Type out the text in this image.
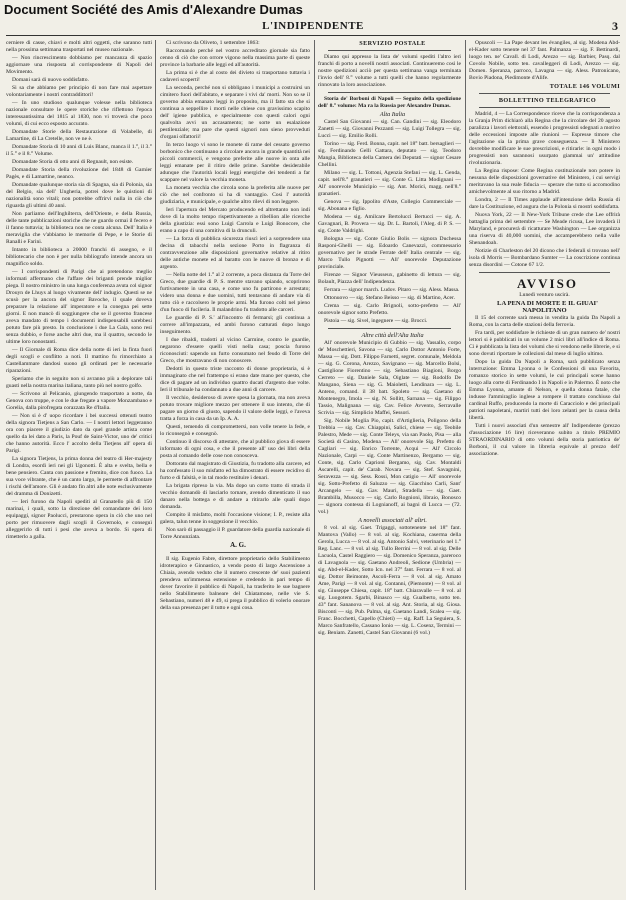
Document Société des Amis d'Alexandre Dumas
L'INDIPENDENTE	3

cerniere di casse, chiavi e molti altri oggetti, che saranno tutti nella prossima settimana trasportati nel museo nazionale.

— Non rincrescimento dobbiamo per mancanza di spazio aggiornare una rissposta al corrispondente di Napoli del Movimento.

Domani sarà di nuovo soddisfatto.

Si sa che abbiamo per principio di non fare mai aspettare volontariamente i nostri contraddittori!

— In uno studioso qualunque volesse nella biblioteca nazionale consultare le opere storiche che riflettono l'epoca interessantissima del 1815 al 1830, non vi troverà che poco volumi, di cui ecco esposto accurato.

Domandate Storie della Restaurazione di Volabelle, di Lamartine, di La Cretelle, non ve ne è.

Domandate Storia di 10 anni di Luis Blanc, manca il 1.°, il 3.° il 5.° e il 8.° Volume.

Domandate Storia di otto anni di Regnault, non esiste.

Domandate Storia della rivoluzione del 1848 di Garnier Pagès, e di Lamartine, neanco.

Domandate qualunque storia sia di Spagna, sia di Polonia, sia del Belgio, sia dell' Ungheria, potrei dove le quistioni di nazionalità sono vitali; non potrebbe offrirvi nulla in ciò che riguarda gli ultimi 40 anni.

Non parliamo dell'Inghilterra, dell'Oriente, e della Russia, delle tante pubblicazioni storiche che ne guardo ormai il fecero e il fanno tuttavia; la biblioteca non ne conta alcuna. Dell' Italia è meraviglia che v'abbiamo le memorie di Pepe, e le Storie di Ranalli e Farini.

Intanto in biblioteca a 20000 franchi di assegno, e il bibliotecario che non è per nulla bibliografo intende ancora un magnifico soldo.

— I corrispondenti di Parigi che ai pretendono meglio informati affermano che l'affare dei briganti prende miglior piega. Il nostro ministro in una lunga conferenza avuta col signor Drouyn de Lhuys al luogo vivamente dell' indugio. Questi se ne scusò per la ancora del signor Bavoche, il quale doveva preparare la relazione all' imperatore e la conegna pei sette giorni. E non mancò di soggiungere che se il governo francese aveva mandato di tempo i documenti indispensabili sarebbesi potuto fare più presto. In conclusione i due La Gala, sono resi senza dubbio, e forse anche altri due, ma il quattro, secondo le ultime loro nonostanti.

— Il Giornale di Roma dice della notte di ieri la finta fuori degli scogli e conflitto a noti. Il mattino fu rimorchiato a Castellammare dandosi suono gli ordinati per le necessarie riparazioni.

Speriamo che in seguito non si avranno più a deplorare tali guasti nella nostra marina italiana, tanto più nel nostro golfo.

— Scrivono al Pelicanio, giungendo trasportato a notte, da Genova con truppe, e con le due fregate a vapore Monzambano e Gorelia, dalla pirofregata corazzata Re d'Italia.

— Non si è d' uopo ricordare i bei successi ottenuti teatro della signora Tietjens a San Carlo. — I nostri lettori leggeranno ora con piacere il giudizio dato da quel grande artista come quello da lei dato a Paris, la Pouf de Saint-Victor, uno de' critici che hanno autorità. Ecco l' accolto della Tietjens all' opera di Parigi.

La signora Tietjens, la prima donna del teatro di Her-majesty di Londra, esordì ieri nei gli Ugonotti. È alta e svelta, bella e bene pensiero. Canta con passione e fremito, dice con fuoco. La sua voce vibrante, che è un canto largo, le permette di affrontare i rischi dell'amore. Gli è andato fin altri alle note esclusivamente del dramma di Donizetti.

— Ieri furono da Napoli spediti al Granatello più di 150 marinai, i quali, sotto la direzione del comandante dei loro equipaggi, signor Paolucci, prestarono opera in ciò che uno nel porto per rimuovere dagli scogli il Governolo, e conseguì alleggerirlo di tutti i pesi che aveva a bordo. Si spera di rimetterlo a galla.

Ci scrivono da Oliveto, 1 settembre 1863:

Raccomando perché nel vostro accreditato giornale sia fatto cenno di ciò che con orrore vigono nella massima parte di queste province la barbarie alle leggi ed all'autorità.

La prima si è che al costo dei divieto si trasportano tuttavia i cadaveri scoperti!

La seconda, perché non si obbligano i municipi a costruirsi un cimitero fuori dell'abitato, e separare i vivi da' morti. Non so se il governo abbia emanato leggi in proposito, ma il fatto sta che si continua a seppellire i morti nelle chiese con gravissimo scapito dell' igiene pubblica, e specialmente con questi calori ogni qualvolta avvi un accasamento; ne sorte un esalazione pestilenziale; ma pare che questi signori non sieno provveduti d'organi olfattorii!

In terzo luogo vi sono le monete di rame del cessato governo borbonico che continuano a circolare ancora in grande quantità nei piccoli commercii, e vengono preferite alle nuove in onta alle leggi emanate per il ritiro delle prime. Sarebbe desiderabile adunque che l'autorità locali leggi energiche dei tendenti a far scappare nel valore la vecchia moneta.

La moneta vecchia che circola sono la preferita alle nuove per ciò che nel confronto si ha di vantaggio. Così l' autorità giudiziaria, e municipale, e qualche altro rilevi di non leggere.

Ieri l'apertura del Mercato producendo ed altrettanto non indi dove di la molto tempo rispettivamente a ribellion alle ricerche della giustizia: essi sono Luigi Carrola e Luigi Bonocore, che erano a capo di una comitiva di la drunculi.

— La forza di pubblica sicurezza riuscì ieri a sorprendere una decina di tabacchi nella sezione Porto in flagranza di contravvenzione alle disposizioni governative relative al ritiro delle antiche monete ed al baratto con le nuove di bronzo e di argento.

— Nella notte del 1.° al 2 corrente, a poca distanza da Torre del Greco, due guardie di P. S. mentre stavano spiando, scoprirono furtivamente in una casa, e come uno fu partirono e arrestato; videro una donna e due uomini, tutti tentavano di andare via di tutto ciò e raccolsero le proprie armi. Ma furono colti nel pieno d'un fuoco di fucileria. Il malandrino fu tradotto alle carceri.

Le guardie di P. S.' all'incontro di fermarsi; gli continua a correre all'impazzata, ed ambi furono catturati dopo lungo inseguimento.

I due ribaldi, tradotti al vicino Carmine, contro le guardie, negarono d'essere quelli visti nella casa; poscia furono riconosciuti: sapendo un furto consumato nel feudo di Torre del Greco, che mostravano di non conoscere.

Dedotti in questo triste racconto di donne proprietaria, si è immaginato che nel frattempo si erano date mano per questo, che dice di pagare ad un individuo quattro ducati d'argento due volte. Ieri il tribunale ha condannato a due anni di carcere.

Il vecchio, desideroso di avere spesa la giornata, ma non aveva potuto trovare migliore mezzo per ottenere il suo intento, che di pagare un giorno di giusto, sapendo il valore delle leggi, e l'aveva tratta a forza in casa da un Ip. A. A.

Questi, temendo di compromettersi, non volle tenere la fede, e lo riconsegnò e consegnò.

Continuo il discorso di attestare, che al pubblico giova di essere informato di ogni cosa, e che il presente all' uso dei libri della posta al comando delle cose non conosceva.

Dottorato dal magistrato di Giustizia, fu tradotto alla carcere, ed ha confessato il suo misfatto ed ha dimostrato di essere recidivo di furto e di falsità, e in tal modo restituire i denari.

La brigata ripreso la via. Ma dopo un corto tratto di strada il vecchio domandò di lasciarlo tornare, avendo dimenticato il suo danaro nella bottega e di andare a ritirarlo alle quali dopo domanda.

Compito il misfatto, molti l'occasione visione; I. P., resiste alla galera, talun tenne in soggezione il vecchio.

Non sarò di passaggio il P. guardatore della guardia nazionale di Torre Annunziata.

A. G.

Il sig. Eugenio Fabre, direttore proprietario dello Stabilimento idroterapico e Ginnastico, a vendo posto di largo Ascensione a Chiaia, avendo veduto che il numero crescente de' suoi pazienti prendeva un'immensa estensione e credendo in pari tempo di dover favorire il pubblico di Napoli, ha trasferito le sue bagnere nello Stabilimento balneare del Chiatamone, nelle vie S. Sebastiano, numeri 48 e 49, si prega il pubblico di volerlo onorare della sua presenza per il tutto e ogni cosa.

SERVIZIO POSTALE

Diamo qui appresso la lista de' volumi spediti l'altro ieri franchi di porto a novelli nostri associati. Continueremo così le nostre spedizioni acciò per questa settimana vanga terminata l'invio dell' 8.° volume a tutti quelli che hanno regolarmente rinnovato la loro associazione.

Storia de' Borboni di Napoli — Seguito della spedizione dell' 8.° volume: Ma ra la Russia per Alexandre Dumas.

Alta Italia

Castel San Giovanni — sig. Can. Gandini — sig. Eleodoro Zanetti — sig. Giovanni Pezzanti — sig. Luigi Tollegra — sig. Lucci — sig. Emilio Rolli.

Torino — sig. Ferd. Bonna, capit. nel 18° batt. bersaglieri — sig. Ferdinando Gelli Gattara, deputato — sig. Teodoro Mangia, Biblioteca della Camera dei Deputati — signor Cesare Chellini.

Milano — sig. L. Tottoni, Agenzia Stefani — sig. L. Genda, capit. nell'8.° granatieri — sig. Conte G. Litta Modignani — All' onorevole Municipio — sig. Ant. Morici, magg. nell'8.° granatieri.

Genova — sig. Ippolito d'Aste, Collegio Commerciale — sig. Abonana e figlio.

Modena — sig. Amilcare Bertolucci Bertucci — sig. A. Gavagnari, B. Provera — sig. Dr. L. Bartoli, l'Aleg. di P. S. — sig. Conte Valdrighi.

Bologna — sig. Conte Giulio Bolis — signora Duchessa Rasponi-Ghelli — sig. Edoardo Canevazzi, commessario governativo per le strade Ferrate dell' Italia centrale — sig. Marco Tullo Pignotti — All' onorevole Deputazione provinciale.

Firenze — Signor Vieusseux, gabinetto di lettura — sig. Bolault, Piazza dell' Indipendenza.

Ferrara — signor march. Ludov. Pitaro — sig. Aless. Massa.

Ottonuovo — sig. Stefano Beisso — sig. di Martino, Acer.

Crema — sig. Carlo Brignoli, sotto-prefetto — All' onorevole signor sotto Prefetto.

Pistoia — sig. Sivel, ingegnere — sig. Brocci.

Altre città dell'Alta Italia

All' onorevole Municipio di Gubbio — sig. Vassallo, corpo de' Moschettieri, Savona — sig. Carlo Dottor Antonio Forte, Massa — sig. Dott. Filippo Farnetti, segret. comunale, Meldola — sig. G. Corona, Arezzo, Savignano — sig. Marcello Bolsi, Castiglione Fiorentino — sig. Sebastiano Biagioni, Borgo Cerreto — sig. Daniele Sala, Oiglate — sig. Rodolfo De Mangano, Siena — sig. G. Maioletti, Lendinara — sig. L. Anteno, comand. il 38 batt. Spoleto — sig. Gaetano di Montenegro, Imola — sig. N. Sollitt, Sarnana — sig. Filippo Tassio, Malignana — sig. Cav. Felice Avvento, Serravalle Scrivia — sig. Simplicio Maffei, Sessori.

Sig. Nobile Moglia Pio, capit. d'Artiglieria, Poligono della Trebbia — sig. Cav. Chiappini, Salici, chiese — sig. Teobile Palestro, Mede — sig. Conte Teleys, via san Paolo, Pisa — alla Società di Casino, Modena — All' onorevole Sig. Prefetto di Cagliari — sig. Enrico Torrente, Acqui — All' Circolo Nazionale, Carpi — sig. Conte Martinenzo, Bergamo — sig. Conte, sig. Carlo Caprioni Bergamo, sig. Cav. Montaldi Ascarelli, capit. de' Carab. Novara — sig. Stef. Savagnini, Seravezza — sig. Sess. Rossi, Mon catigio — All' onorevole sig. Sotto-Prefetto di Saluzzo — sig. Giacchino Carli, Sant' Arcangelo — sig. Gav. Mauri, Stradella — sig. Gaet. Brambilla, Musocco — sig. Carlo Rognioni, libraio, Bonosco — signora contessa di Lognianoff, ai bagni di Lucca — (72. vol.)

A novelli associati all' altri.

8 vol. al sig. Gaet. Trigaggi, sottotenente nel 18° fant. Mantova (Vallo) — 8 vol. al sig. Kochiana, caserma della Gerola, Lucca — 8 vol. al sig. Antonio Salvi, veterinario nel 1.° Reg. Lanc. — 8 vol. al sig. Tullo Berrini — 8 vol. al sig. Delle Lacuola, Castel Raggiero — sig. Domenico Speranza, pareroco di Lavagnola — sig. Gaetano Andreoli, Sedione (Umbria) — sig. Abd-el-Kader, Sotto Icn. nel 37° fant. Ferrara — 8 vol. al sig. Dottor Beimonte, Ascoli-Ferra — 8 vol. al sig. Amato Ame, Parigi — 8 vol. al sig. Contanni, (Piemonte) — 8 vol. al sig. Giuseppe Chiesa, capit. 18° batt. Chiaravalle — 8 vol. al sig. Luogotem. Sgarbi, Binasco — sig. Gualberto, sotto ten. 43° fant. Sananova — 8 vol. al sig. Ant. Storia, al sig. Giosa. Bisconti — sig. Pub. Palma, sig. Gaetano Landi, Scalea — sig. Franc. Bocchetti, Capello (Chieti) — sig. Raff. La Seguiera, S. Marco Sanfratello, Cassano Ionio — sig. L. Cosenz, Termini — sig. Beniam. Zanetti, Castel San Giovanni (6 vol.)

Opuscoli — La Pape devant les évangiles, al sig. Modena Abd-el-Kader sotto tenente nel 37 fant. Palmanza — sig. F. Bettinardi, luogo ten. ne' Cavall. di Lodi, Arezzo — sig. Barbier, Pasq. dal Covolo Nobile, sotto ten. cavalleggeri di Lodi, Arezzo — sig. Domen. Speranza, parroco, Lavagna — sig. Aless. Patronicano, Bovio Piadona, Piedimonte d'Alife.

TOTALE 146 VOLUMI

BOLLETTINO TELEGRAFICO

Madrid, 4 — La Correspondence riceve che la corrispondenza a la Granja Prim dichiarò alla Regina che la circolare del 20 agosto paralizza i lavori elettorali, essendo i progressisti sdegnati a motivo delle eccessioni imposte alle riunioni — Espresse timore che l'agitazione sia la prima grave conseguenza. — Il Ministero dovrebbe modificare le sue prescrizioni, e ritirarle: in ogni modo i progressisti non sarannosi usurpato giammai un' attitudine rivoluzionaria.

La Regina rispose: Come Regina costituzionale non potere in nessuna delle disposizioni governative del Ministero, i cui servigi meritavano la sua reale fiducia — sperare che tutto si accomodino amichevolmente al suo ritorno a Madrid.

Londra, 2 — Il Times applaude all'intenzione della Russia di dare la Costituzione, ed augura che la Polonia si mostri soddisfatta.

Nuova York, 22 — Il New-York Tribune crede che Lee offrirà battaglia prima del settembre — Se Meade ricusa, Lee invaderà il Maryland, e procurerà di ricatturare Washington — Lee organizza una riserva di 40,000 uomini, che accamperebbero nella valle Shenandoah.

Notizie di Charleston del 20 dicono che i federali si trovano nell' isola di Morris — Bombardano Sumter — La coscrizione continua senza disordini — Cotone 67 1/2.

AVVISO

Lunedì venturo uscirà.

LA PENA DI MORTE E IL GIUAI' NAPOLITANO

Il 15 del corrente sarà messa in vendita la guida Da Napoli a Roma, con la carta delle stazioni della ferrovia.

Fra tardi, per soddisfare le richieste di un gran numero de' nostri lettori si è pubblicati in un volume 2 mici libri all'indice di Roma. Ci è pubblicata la lista dei volumi che si vendono nelle librerie, e si sono dovuti riportare le collezioni dal mese di luglio ultimo.

Dopo la guida Da Napoli a Roma, sarà pubblicato senza interruzione: Emma Lyonna o le Confessioni di una Favorita, romanzo storico in sette volumi, le cui principali scene hanno luogo alla corte di Ferdinando I in Napoli e in Palermo. È noto che Emma Lyonna, amante di Nelson, e quella donna fatale, che indusse l'ammiraglio inglese a rompere il trattato conchiuso dal cardinal Ruffo, producendo la morte di Caracciolo e dei principali patrioti napoletani, martiri tutti dei loro zelanti per la causa della libertà.

Tutti i nuovi associati d'un semestre all' Indipendente (prezzo d'associazione 16 lire) riceveranno subito a titolo PREMIO STRAORDINARIO di otto volumi della storia patriottica de' Borboni, il cui valore in libreria equivale al prezzo dell' associazione.
